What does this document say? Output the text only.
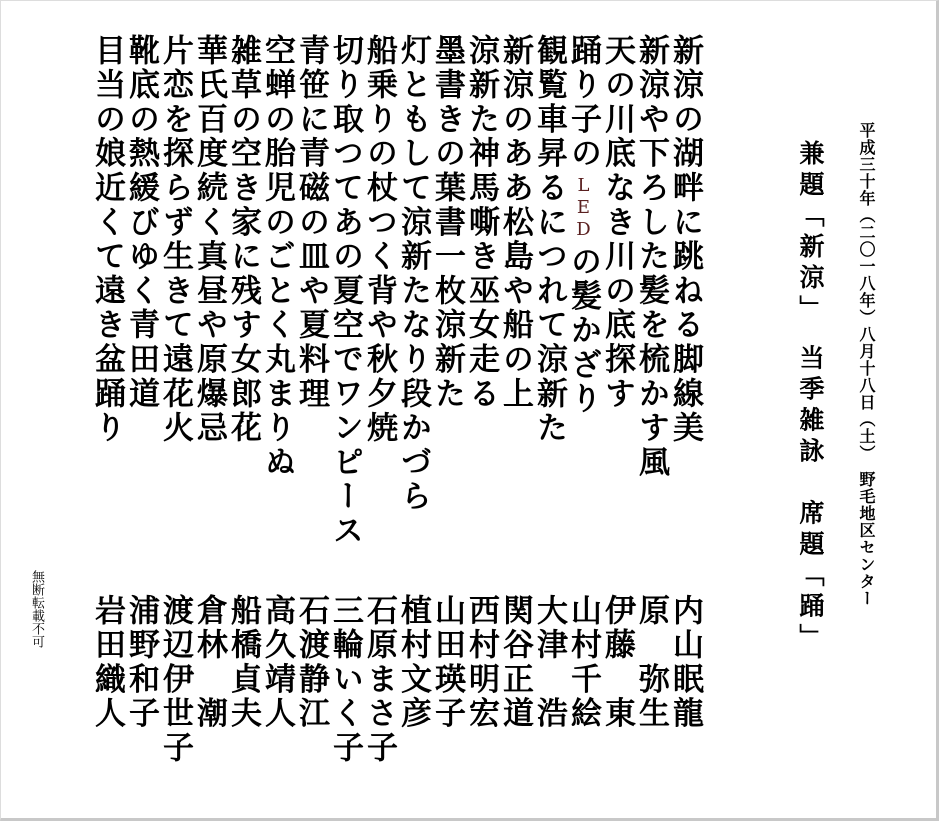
平成三十年（二〇一八年）八月十八日（土）　野毛地区センター
兼題「新涼」　当季雑詠　席題「踊」
新涼の湖畔に跳ねる脚線美
新涼や下ろした髪を梳かす風
天の川底なき川の底探す
踊り子のLEDの髪かざり
観覧車昇るにつれて涼新た
新涼のああ松島や船の上
涼新た神馬嘶き巫女走る
墨書きの葉書一枚涼新た
灯ともして涼新たなり段かづら
船乗りの杖つく背や秋夕焼
切り取つてあの夏空でワンピース
青笹に青磁の皿や夏料理
空蝉の胎児のごとく丸まりぬ
雑草の空き家に残す女郎花
華氏百度続く真昼や原爆忌
片恋を探らず生きて遠花火
靴底の熱緩びゆく青田道
目当の娘近くて遠き盆踊り
内山眠龍
原　弥生
伊藤　東
山村千絵
大津　浩
関谷正道
西村明宏
山田瑛子
植村文彦
石原まさ子
三輪いく子
石渡静江
高久靖人
船橋貞夫
倉林　潮
渡辺伊世子
浦野和子
岩田織人
無断転載不可
